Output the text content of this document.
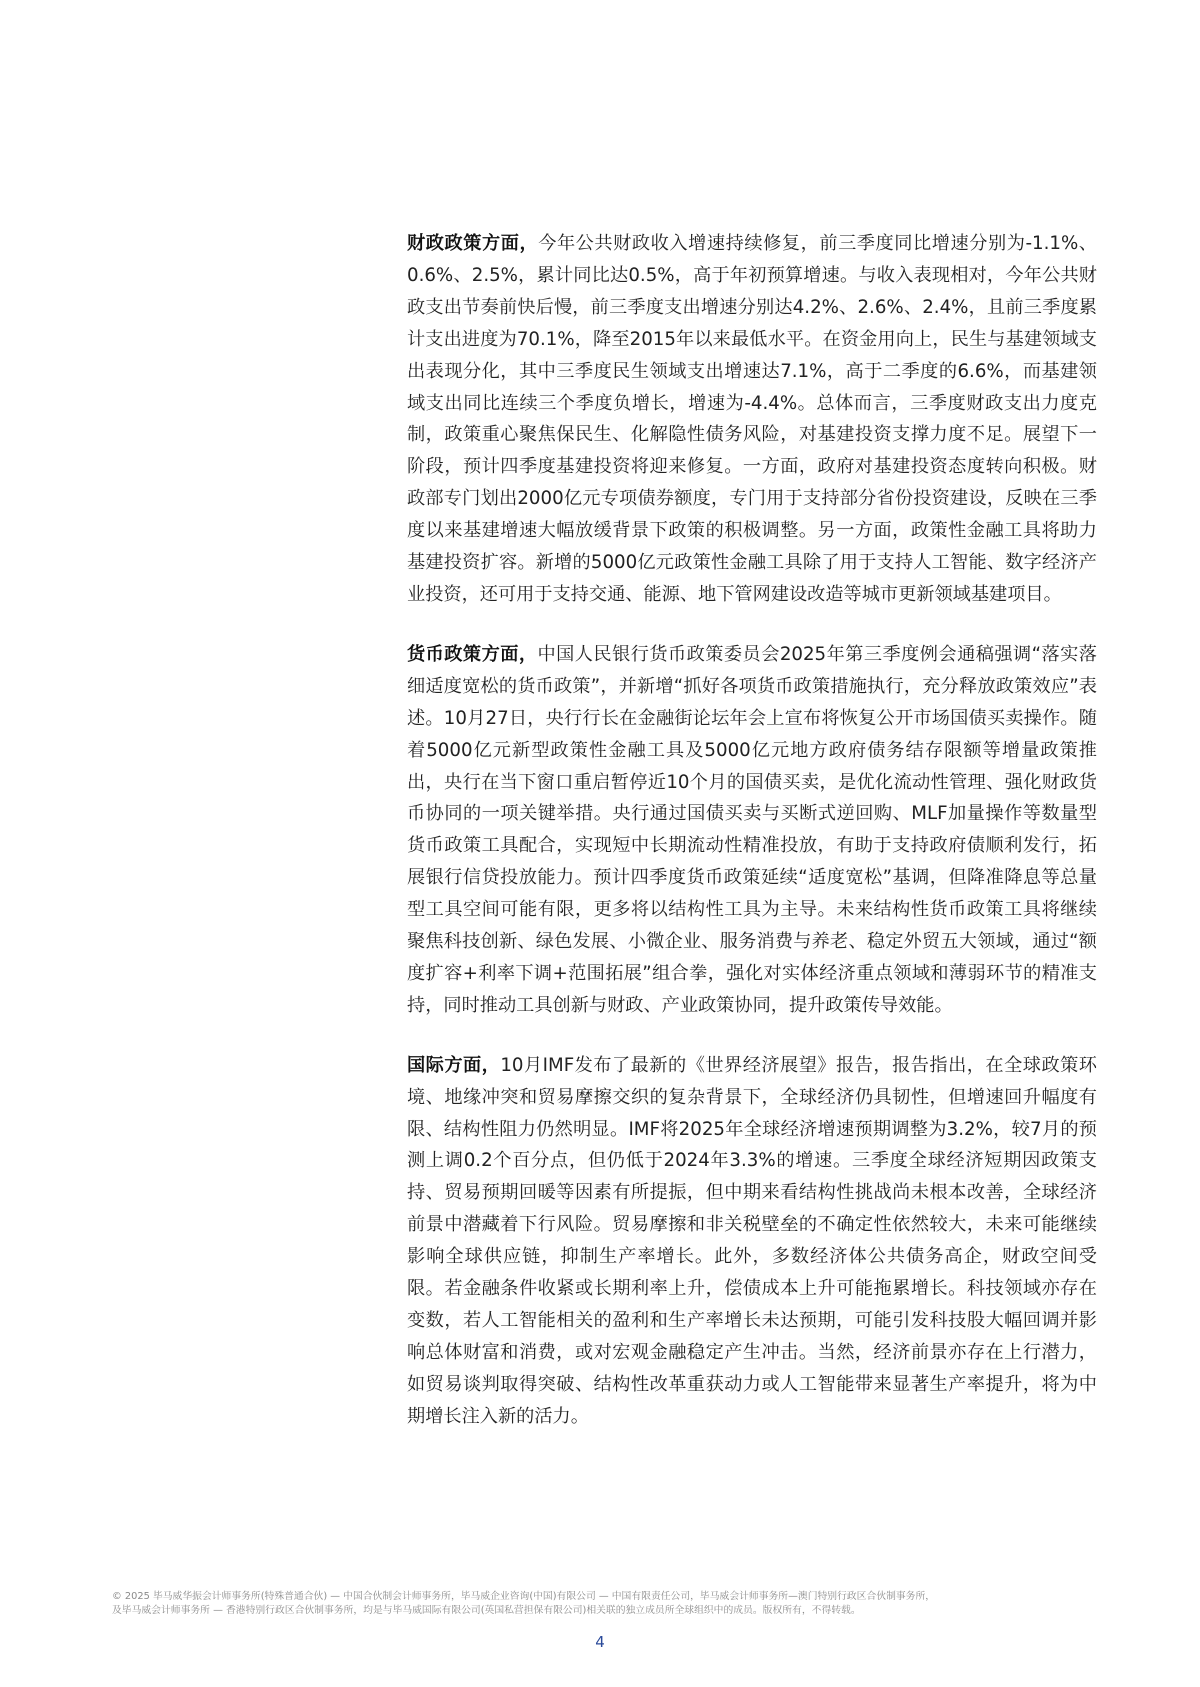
财政政策方面，今年公共财政收入增速持续修复，前三季度同比增速分别为-1.1%、0.6%、2.5%，累计同比达0.5%，高于年初预算增速。与收入表现相对，今年公共财政支出节奏前快后慢，前三季度支出增速分别达4.2%、2.6%、2.4%，且前三季度累计支出进度为70.1%，降至2015年以来最低水平。在资金用向上，民生与基建领域支出表现分化，其中三季度民生领域支出增速达7.1%，高于二季度的6.6%，而基建领域支出同比连续三个季度负增长，增速为-4.4%。总体而言，三季度财政支出力度克制，政策重心聚焦保民生、化解隐性债务风险，对基建投资支撑力度不足。展望下一阶段，预计四季度基建投资将迎来修复。一方面，政府对基建投资态度转向积极。财政部专门划出2000亿元专项债券额度，专门用于支持部分省份投资建设，反映在三季度以来基建增速大幅放缓背景下政策的积极调整。另一方面，政策性金融工具将助力基建投资扩容。新增的5000亿元政策性金融工具除了用于支持人工智能、数字经济产业投资，还可用于支持交通、能源、地下管网建设改造等城市更新领域基建项目。

货币政策方面，中国人民银行货币政策委员会2025年第三季度例会通稿强调“落实落细适度宽松的货币政策”，并新增“抓好各项货币政策措施执行，充分释放政策效应”表述。10月27日，央行行长在金融街论坛年会上宣布将恢复公开市场国债买卖操作。随着5000亿元新型政策性金融工具及5000亿元地方政府债务结存限额等增量政策推出，央行在当下窗口重启暂停近10个月的国债买卖，是优化流动性管理、强化财政货币协同的一项关键举措。央行通过国债买卖与买断式逆回购、MLF加量操作等数量型货币政策工具配合，实现短中长期流动性精准投放，有助于支持政府债顺利发行，拓展银行信贷投放能力。预计四季度货币政策延续“适度宽松”基调，但降准降息等总量型工具空间可能有限，更多将以结构性工具为主导。未来结构性货币政策工具将继续聚焦科技创新、绿色发展、小微企业、服务消费与养老、稳定外贸五大领域，通过“额度扩容+利率下调+范围拓展”组合拳，强化对实体经济重点领域和薄弱环节的精准支持，同时推动工具创新与财政、产业政策协同，提升政策传导效能。

国际方面，10月IMF发布了最新的《世界经济展望》报告，报告指出，在全球政策环境、地缘冲突和贸易摩擦交织的复杂背景下，全球经济仍具韧性，但增速回升幅度有限、结构性阻力仍然明显。IMF将2025年全球经济增速预期调整为3.2%，较7月的预测上调0.2个百分点，但仍低于2024年3.3%的增速。三季度全球经济短期因政策支持、贸易预期回暖等因素有所提振，但中期来看结构性挑战尚未根本改善，全球经济前景中潜藏着下行风险。贸易摩擦和非关税壁垒的不确定性依然较大，未来可能继续影响全球供应链，抑制生产率增长。此外，多数经济体公共债务高企，财政空间受限。若金融条件收紧或长期利率上升，偿债成本上升可能拖累增长。科技领域亦存在变数，若人工智能相关的盈利和生产率增长未达预期，可能引发科技股大幅回调并影响总体财富和消费，或对宏观金融稳定产生冲击。当然，经济前景亦存在上行潜力，如贸易谈判取得突破、结构性改革重获动力或人工智能带来显著生产率提升，将为中期增长注入新的活力。

© 2025 毕马威华振会计师事务所(特殊普通合伙) — 中国合伙制会计师事务所，毕马威企业咨询(中国)有限公司 — 中国有限责任公司，毕马威会计师事务所—澳门特别行政区合伙制事务所，

及毕马威会计师事务所 — 香港特别行政区合伙制事务所，均是与毕马威国际有限公司(英国私营担保有限公司)相关联的独立成员所全球组织中的成员。版权所有，不得转载。

4
